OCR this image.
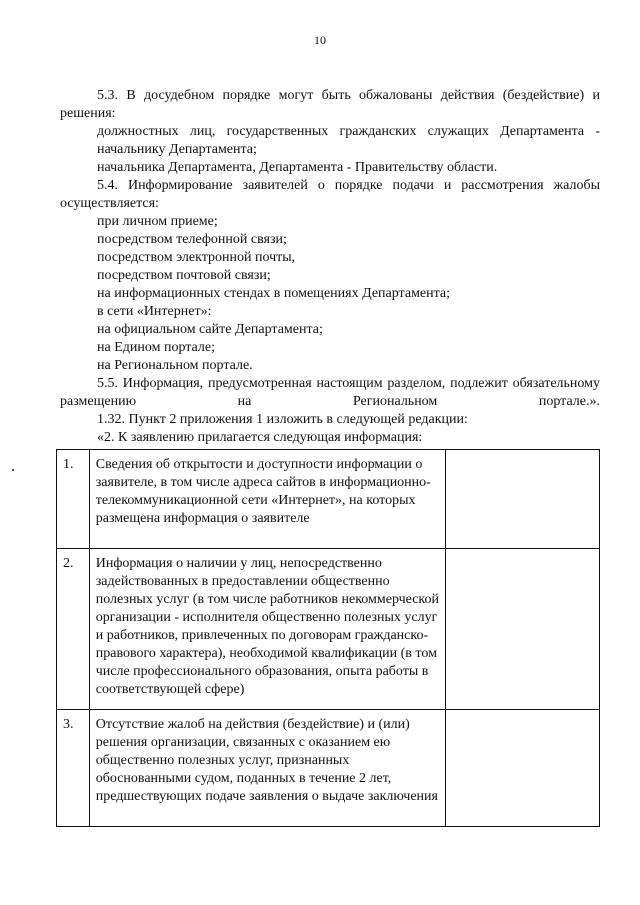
10

5.3. В досудебном порядке могут быть обжалованы действия (бездействие) и решения:

должностных лиц, государственных гражданских служащих Департамента - начальнику Департамента;

начальника Департамента, Департамента - Правительству области.

5.4. Информирование заявителей о порядке подачи и рассмотрения жалобы осуществляется:

при личном приеме;

посредством телефонной связи;

посредством электронной почты,

посредством почтовой связи;

на информационных стендах в помещениях Департамента;

в сети «Интернет»:

на официальном сайте Департамента;

на Едином портале;

на Региональном портале.

5.5. Информация, предусмотренная настоящим разделом, подлежит обязательному размещению на Региональном портале.».

1.32. Пункт 2 приложения 1 изложить в следующей редакции:

«2. К заявлению прилагается следующая информация:

1.	Сведения об открытости и доступности информации о заявителе, в том числе адреса сайтов в информационно-телекоммуникационной сети «Интернет», на которых размещена информация о заявителе	
2.	Информация о наличии у лиц, непосредственно задействованных в предоставлении общественно полезных услуг (в том числе работников некоммерческой организации - исполнителя общественно полезных услуг и работников, привлеченных по договорам гражданско-правового характера), необходимой квалификации (в том числе профессионального образования, опыта работы в соответствующей сфере)	
3.	Отсутствие жалоб на действия (бездействие) и (или) решения организации, связанных с оказанием ею общественно полезных услуг, признанных обоснованными судом, поданных в течение 2 лет, предшествующих подаче заявления о выдаче заключения	
